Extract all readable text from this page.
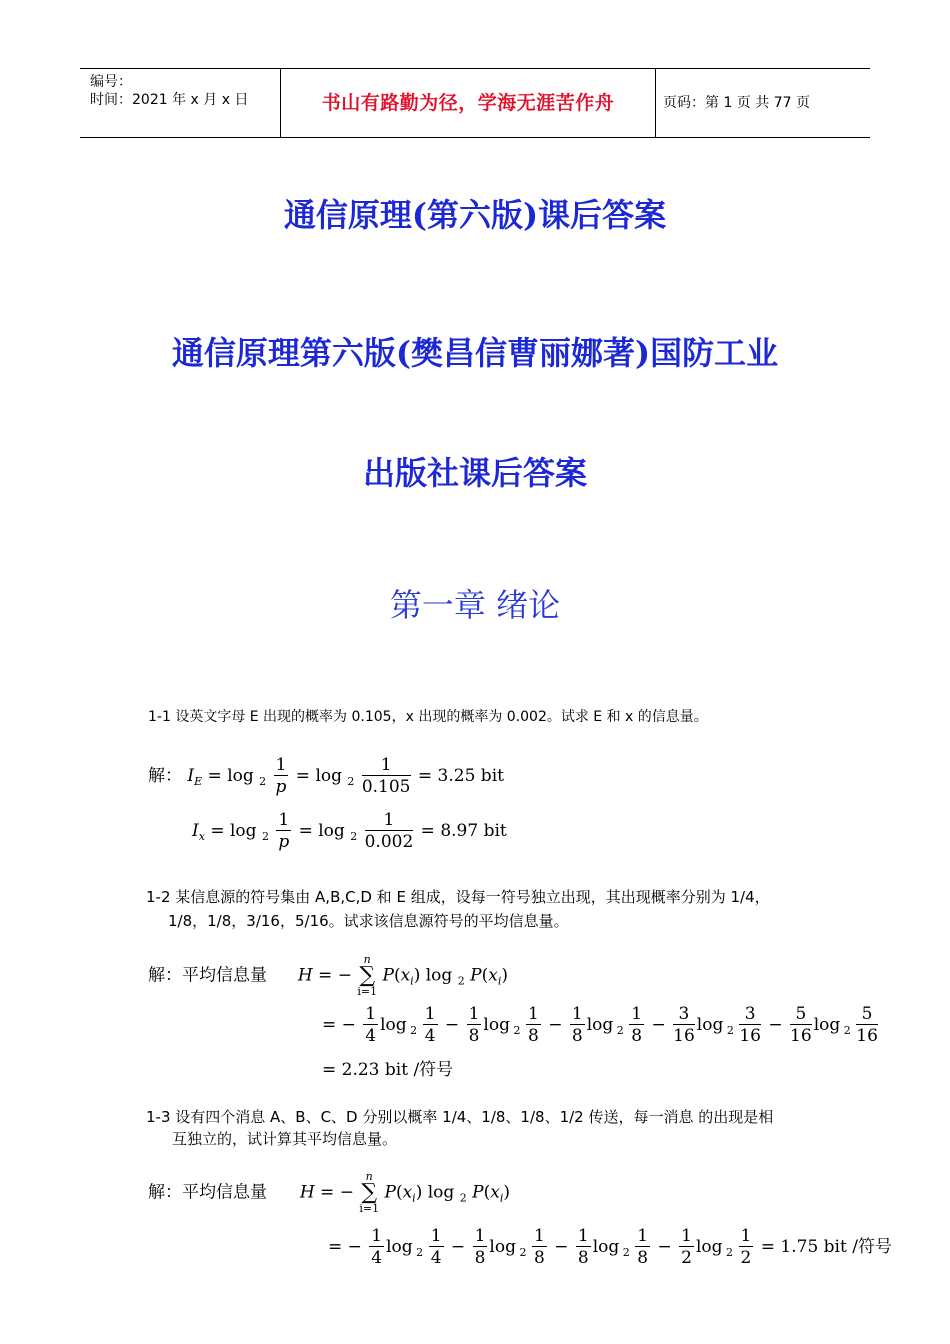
编号：
时间：2021 年 x 月 x 日	书山有路勤为径，学海无涯苦作舟	页码：第 1 页 共 77 页
通信原理(第六版)课后答案
通信原理第六版(樊昌信曹丽娜著)国防工业
出版社课后答案
第一章 绪论
1-1 设英文字母 E 出现的概率为 0.105，x 出现的概率为 0.002。试求 E 和 x 的信息量。
解： $I_E = \log _2 \frac{1}{p} = \log _2 \frac{1}{0.105} = 3.25$ bit
$I_x = \log _2 \frac{1}{p} = \log _2 \frac{1}{0.002} = 8.97$ bit
1-2 某信息源的符号集由 A,B,C,D 和 E 组成，设每一符号独立出现，其出现概率分别为 1/4，
1/8，1/8，3/16，5/16。试求该信息源符号的平均信息量。
解：平均信息量 H = − n
∑
i=1 $P(x_i)$ log $_2$ $P(x_i)$
= − $\frac{1}{4}$ $\log _2 \frac{1}{4} - \frac{1}{8}$ $\log _2 \frac{1}{8} - \frac{1}{8}$ $\log _2 \frac{1}{8} - \frac{3}{16}$ $\log _2 \frac{3}{16} - \frac{5}{16}$ $\log _2 \frac{5}{16}$
= 2.23 bit /符号
1-3 设有四个消息 A、B、C、D 分别以概率 1/4、1/8、1/8、1/2 传送，每一消息 的出现是相
互独立的，试计算其平均信息量。
解：平均信息量 H = − n
∑
i=1 $P(x_i)$ log $_2$ $P(x_i)$
= − $\frac{1}{4}$ $\log _2 \frac{1}{4} - \frac{1}{8}$ $\log _2 \frac{1}{8} - \frac{1}{8}$ $\log _2 \frac{1}{8} - \frac{1}{2}$ $\log _2 \frac{1}{2} = 1.75$ bit /符号
